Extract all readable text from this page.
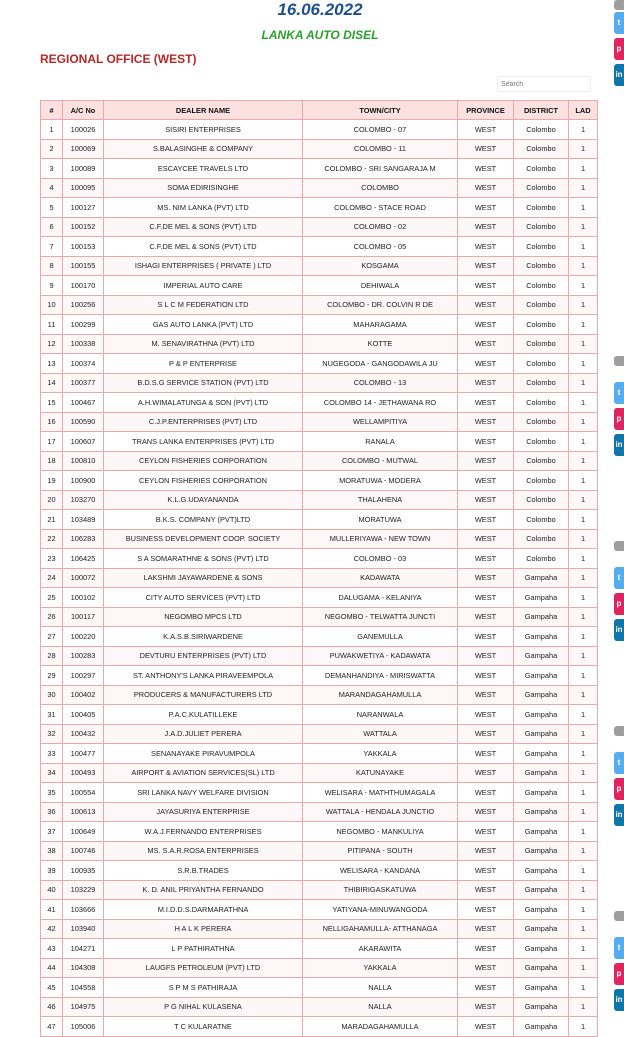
16.06.2022
LANKA AUTO DISEL
REGIONAL OFFICE (WEST)
Search
#	A/C No	DEALER NAME	TOWN/CITY	PROVINCE	DISTRICT	LAD
1	100026	SISIRI ENTERPRISES	COLOMBO - 07	WEST	Colombo	1
2	100069	S.BALASINGHE & COMPANY	COLOMBO - 11	WEST	Colombo	1
3	100089	ESCAYCEE TRAVELS LTD	COLOMBO - SRI SANGARAJA M	WEST	Colombo	1
4	100095	SOMA EDIRISINGHE	COLOMBO	WEST	Colombo	1
5	100127	MS. NIM LANKA (PVT) LTD	COLOMBO - STACE ROAD	WEST	Colombo	1
6	100152	C.F.DE MEL & SONS (PVT) LTD	COLOMBO - 02	WEST	Colombo	1
7	100153	C.F.DE MEL & SONS (PVT) LTD	COLOMBO - 05	WEST	Colombo	1
8	100155	ISHAGI ENTERPRISES ( PRIVATE ) LTD	KOSGAMA	WEST	Colombo	1
9	100170	IMPERIAL AUTO CARE	DEHIWALA	WEST	Colombo	1
10	100256	S L C M FEDERATION LTD	COLOMBO - DR. COLVIN R DE	WEST	Colombo	1
11	100299	GAS AUTO LANKA (PVT) LTD	MAHARAGAMA	WEST	Colombo	1
12	100338	M. SENAVIRATHNA (PVT) LTD	KOTTE	WEST	Colombo	1
13	100374	P & P ENTERPRISE	NUGEGODA - GANGODAWILA JU	WEST	Colombo	1
14	100377	B.D.S.G SERVICE STATION (PVT) LTD	COLOMBO - 13	WEST	Colombo	1
15	100467	A.H.WIMALATUNGA & SON (PVT) LTD	COLOMBO 14 - JETHAWANA RO	WEST	Colombo	1
16	100590	C.J.P.ENTERPRISES (PVT) LTD	WELLAMPITIYA	WEST	Colombo	1
17	100607	TRANS LANKA ENTERPRISES (PVT) LTD	RANALA	WEST	Colombo	1
18	100810	CEYLON FISHERIES CORPORATION	COLOMBO - MUTWAL	WEST	Colombo	1
19	100900	CEYLON FISHERIES CORPORATION	MORATUWA - MODERA	WEST	Colombo	1
20	103270	K.L.G.UDAYANANDA	THALAHENA	WEST	Colombo	1
21	103489	B.K.S. COMPANY (PVT)LTD	MORATUWA	WEST	Colombo	1
22	106283	BUSINESS DEVELOPMENT COOP. SOCIETY	MULLERIYAWA - NEW TOWN	WEST	Colombo	1
23	106425	S A SOMARATHNE & SONS (PVT) LTD	COLOMBO - 03	WEST	Colombo	1
24	100072	LAKSHMI JAYAWARDENE & SONS	KADAWATA	WEST	Gampaha	1
25	100102	CITY AUTO SERVICES (PVT) LTD	DALUGAMA - KELANIYA	WEST	Gampaha	1
26	100117	NEGOMBO MPCS LTD	NEGOMBO - TELWATTA JUNCTI	WEST	Gampaha	1
27	100220	K.A.S.B.SIRIWARDENE	GANEMULLA	WEST	Gampaha	1
28	100283	DEVTURU ENTERPRISES (PVT) LTD	PUWAKWETIYA - KADAWATA	WEST	Gampaha	1
29	100297	ST. ANTHONY'S LANKA PIRAVEEMPOLA	DEMANHANDIYA - MIRISWATTA	WEST	Gampaha	1
30	100402	PRODUCERS & MANUFACTURERS LTD	MARANDAGAHAMULLA	WEST	Gampaha	1
31	100405	P.A.C.KULATILLEKE	NARANWALA	WEST	Gampaha	1
32	100432	J.A.D.JULIET PERERA	WATTALA	WEST	Gampaha	1
33	100477	SENANAYAKE PIRAVUMPOLA	YAKKALA	WEST	Gampaha	1
34	100493	AIRPORT & AVIATION SERVICES(SL) LTD	KATUNAYAKE	WEST	Gampaha	1
35	100554	SRI LANKA NAVY WELFARE DIVISION	WELISARA - MATHTHUMAGALA	WEST	Gampaha	1
36	100613	JAYASURIYA ENTERPRISE	WATTALA - HENDALA JUNCTIO	WEST	Gampaha	1
37	100649	W.A.J.FERNANDO ENTERPRISES	NEGOMBO - MANKULIYA	WEST	Gampaha	1
38	100746	MS. S.A.R.ROSA ENTERPRISES	PITIPANA - SOUTH	WEST	Gampaha	1
39	100935	S.R.B.TRADES	WELISARA - KANDANA	WEST	Gampaha	1
40	103229	K. D. ANIL PRIYANTHA FERNANDO	THIBIRIGASKATUWA	WEST	Gampaha	1
41	103666	M.I.D.D.S.DARMARATHNA	YATIYANA-MINUWANGODA	WEST	Gampaha	1
42	103940	H A L K PERERA	NELLIGAHAMULLA- ATTHANAGA	WEST	Gampaha	1
43	104271	L P PATHIRATHNA	AKARAWITA	WEST	Gampaha	1
44	104308	LAUGFS PETROLEUM (PVT) LTD	YAKKALA	WEST	Gampaha	1
45	104558	S P M S PATHIRAJA	NALLA	WEST	Gampaha	1
46	104975	P G NIHAL KULASENA	NALLA	WEST	Gampaha	1
47	105006	T C KULARATNE	MARADAGAHAMULLA	WEST	Gampaha	1
t
p
in
t
p
in
t
p
in
t
p
in
t
p
in
